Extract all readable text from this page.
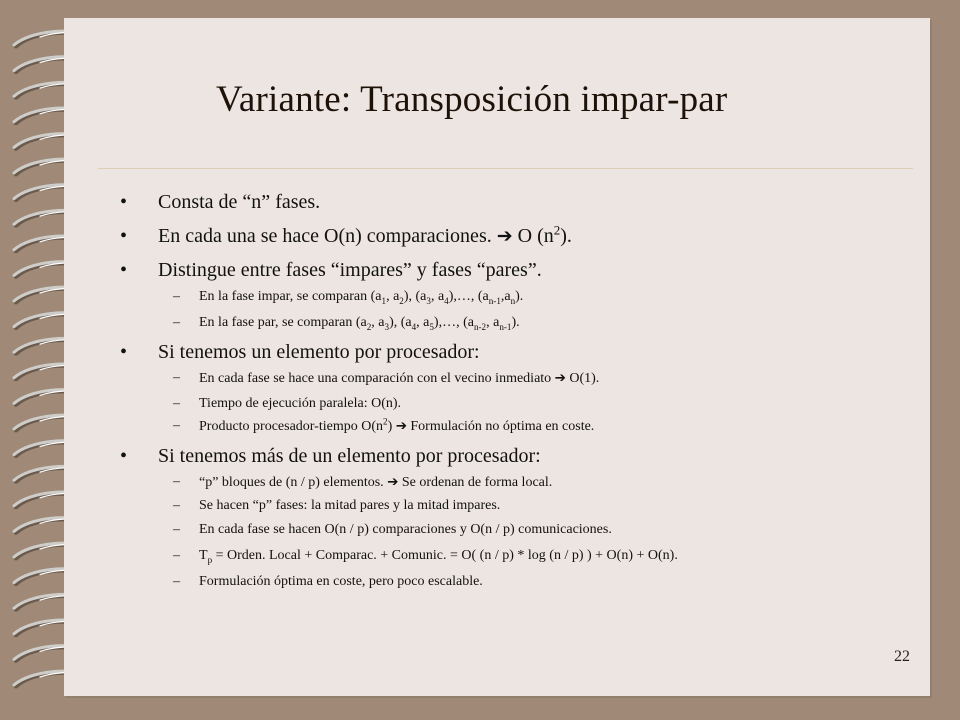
Variante: Transposición impar-par
• Consta de “n” fases.
• En cada una se hace O(n) comparaciones. ➔ O $(n^2)$.
• Distingue entre fases “impares” y fases “pares”.
– En la fase impar, se comparan ($a_1$, $a_2$), ($a_3$, $a_4),\dots$, $(a_{n-1},a_n)$.
– En la fase par, se comparan ($a_2$, $a_3$), ($a_4$, $a_5),\dots$, ($a_{n-2}$, $a_{n-1}$).
• Si tenemos un elemento por procesador:
– En cada fase se hace una comparación con el vecino inmediato ➔ O(1).
– Tiempo de ejecución paralela: O(n).
– Producto procesador-tiempo $O(n^2)$ ➔ Formulación no óptima en coste.
• Si tenemos más de un elemento por procesador:
– “p” bloques de (n / p) elementos. ➔ Se ordenan de forma local.
– Se hacen “p” fases: la mitad pares y la mitad impares.
– En cada fase se hacen O(n / p) comparaciones y O(n / p) comunicaciones.
– $T_p$ = Orden. Local + Comparac. + Comunic. = O( (n / p) * log (n / p) ) + O(n) + O(n).
– Formulación óptima en coste, pero poco escalable.
22
